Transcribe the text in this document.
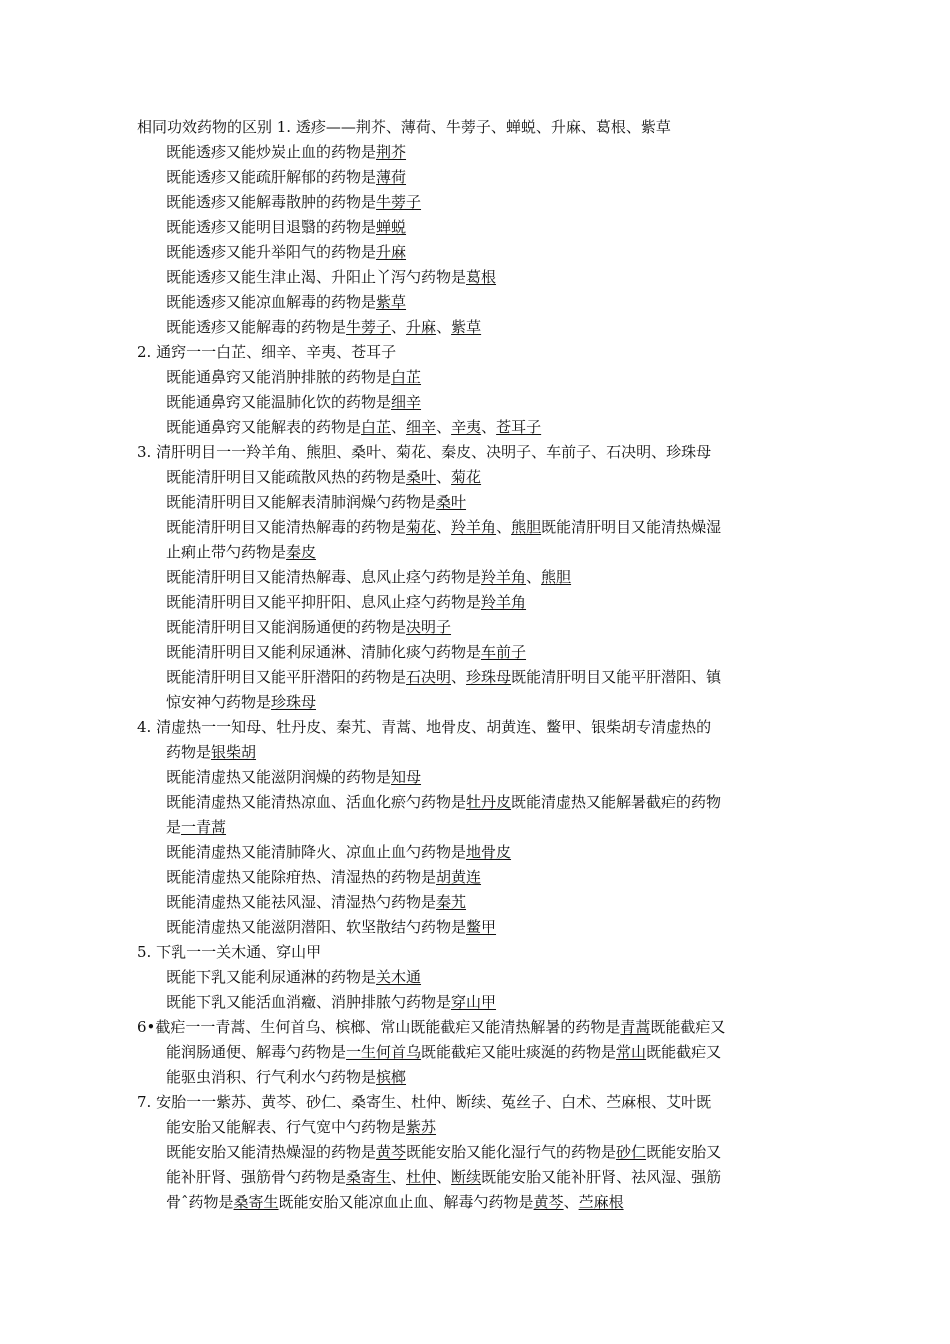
相同功效药物的区别 1. 透疹——荆芥、薄荷、牛蒡子、蝉蜕、升麻、葛根、紫草
既能透疹又能炒炭止血的药物是荆芥
既能透疹又能疏肝解郁的药物是薄荷
既能透疹又能解毒散肿的药物是牛蒡子
既能透疹又能明目退翳的药物是蝉蜕
既能透疹又能升举阳气的药物是升麻
既能透疹又能生津止渴、升阳止丫泻勺药物是葛根
既能透疹又能凉血解毒的药物是紫草
既能透疹又能解毒的药物是牛蒡子、升麻、紫草
2. 通窍一一白芷、细辛、辛夷、苍耳子
既能通鼻窍又能消肿排脓的药物是白芷
既能通鼻窍又能温肺化饮的药物是细辛
既能通鼻窍又能解表的药物是白芷、细辛、辛夷、苍耳子
3. 清肝明目一一羚羊角、熊胆、桑叶、菊花、秦皮、决明子、车前子、石决明、珍珠母
既能清肝明目又能疏散风热的药物是桑叶、菊花
既能清肝明目又能解表清肺润燥勺药物是桑叶
既能清肝明目又能清热解毒的药物是菊花、羚羊角、熊胆既能清肝明目又能清热燥湿
止痢止带勺药物是秦皮
既能清肝明目又能清热解毒、息风止痉勺药物是羚羊角、熊胆
既能清肝明目又能平抑肝阳、息风止痉勺药物是羚羊角
既能清肝明目又能润肠通便的药物是决明子
既能清肝明目又能利尿通淋、清肺化痰勺药物是车前子
既能清肝明目又能平肝潜阳的药物是石决明、珍珠母既能清肝明目又能平肝潜阳、镇
惊安神勺药物是珍珠母
4. 清虚热一一知母、牡丹皮、秦艽、青蒿、地骨皮、胡黄连、鳖甲、银柴胡专清虚热的
药物是银柴胡
既能清虚热又能滋阴润燥的药物是知母
既能清虚热又能清热凉血、活血化瘀勺药物是牡丹皮既能清虚热又能解暑截疟的药物
是一青蒿
既能清虚热又能清肺降火、凉血止血勺药物是地骨皮
既能清虚热又能除疳热、清湿热的药物是胡黄连
既能清虚热又能祛风湿、清湿热勺药物是秦艽
既能清虚热又能滋阴潜阳、软坚散结勺药物是鳖甲
5. 下乳一一关木通、穿山甲
既能下乳又能利尿通淋的药物是关木通
既能下乳又能活血消癥、消肿排脓勺药物是穿山甲
6•截疟一一青蒿、生何首乌、槟榔、常山既能截疟又能清热解暑的药物是青蒿既能截疟又
能润肠通便、解毒勺药物是一生何首乌既能截疟又能吐痰涎的药物是常山既能截疟又
能驱虫消积、行气利水勺药物是槟榔
7. 安胎一一紫苏、黄芩、砂仁、桑寄生、杜仲、断续、菟丝子、白术、苎麻根、艾叶既
能安胎又能解表、行气宽中勺药物是紫苏
既能安胎又能清热燥湿的药物是黄芩既能安胎又能化湿行气的药物是砂仁既能安胎又
能补肝肾、强筋骨勺药物是桑寄生、杜仲、断续既能安胎又能补肝肾、祛风湿、强筋
骨ˆ药物是桑寄生既能安胎又能凉血止血、解毒勺药物是黄芩、苎麻根
